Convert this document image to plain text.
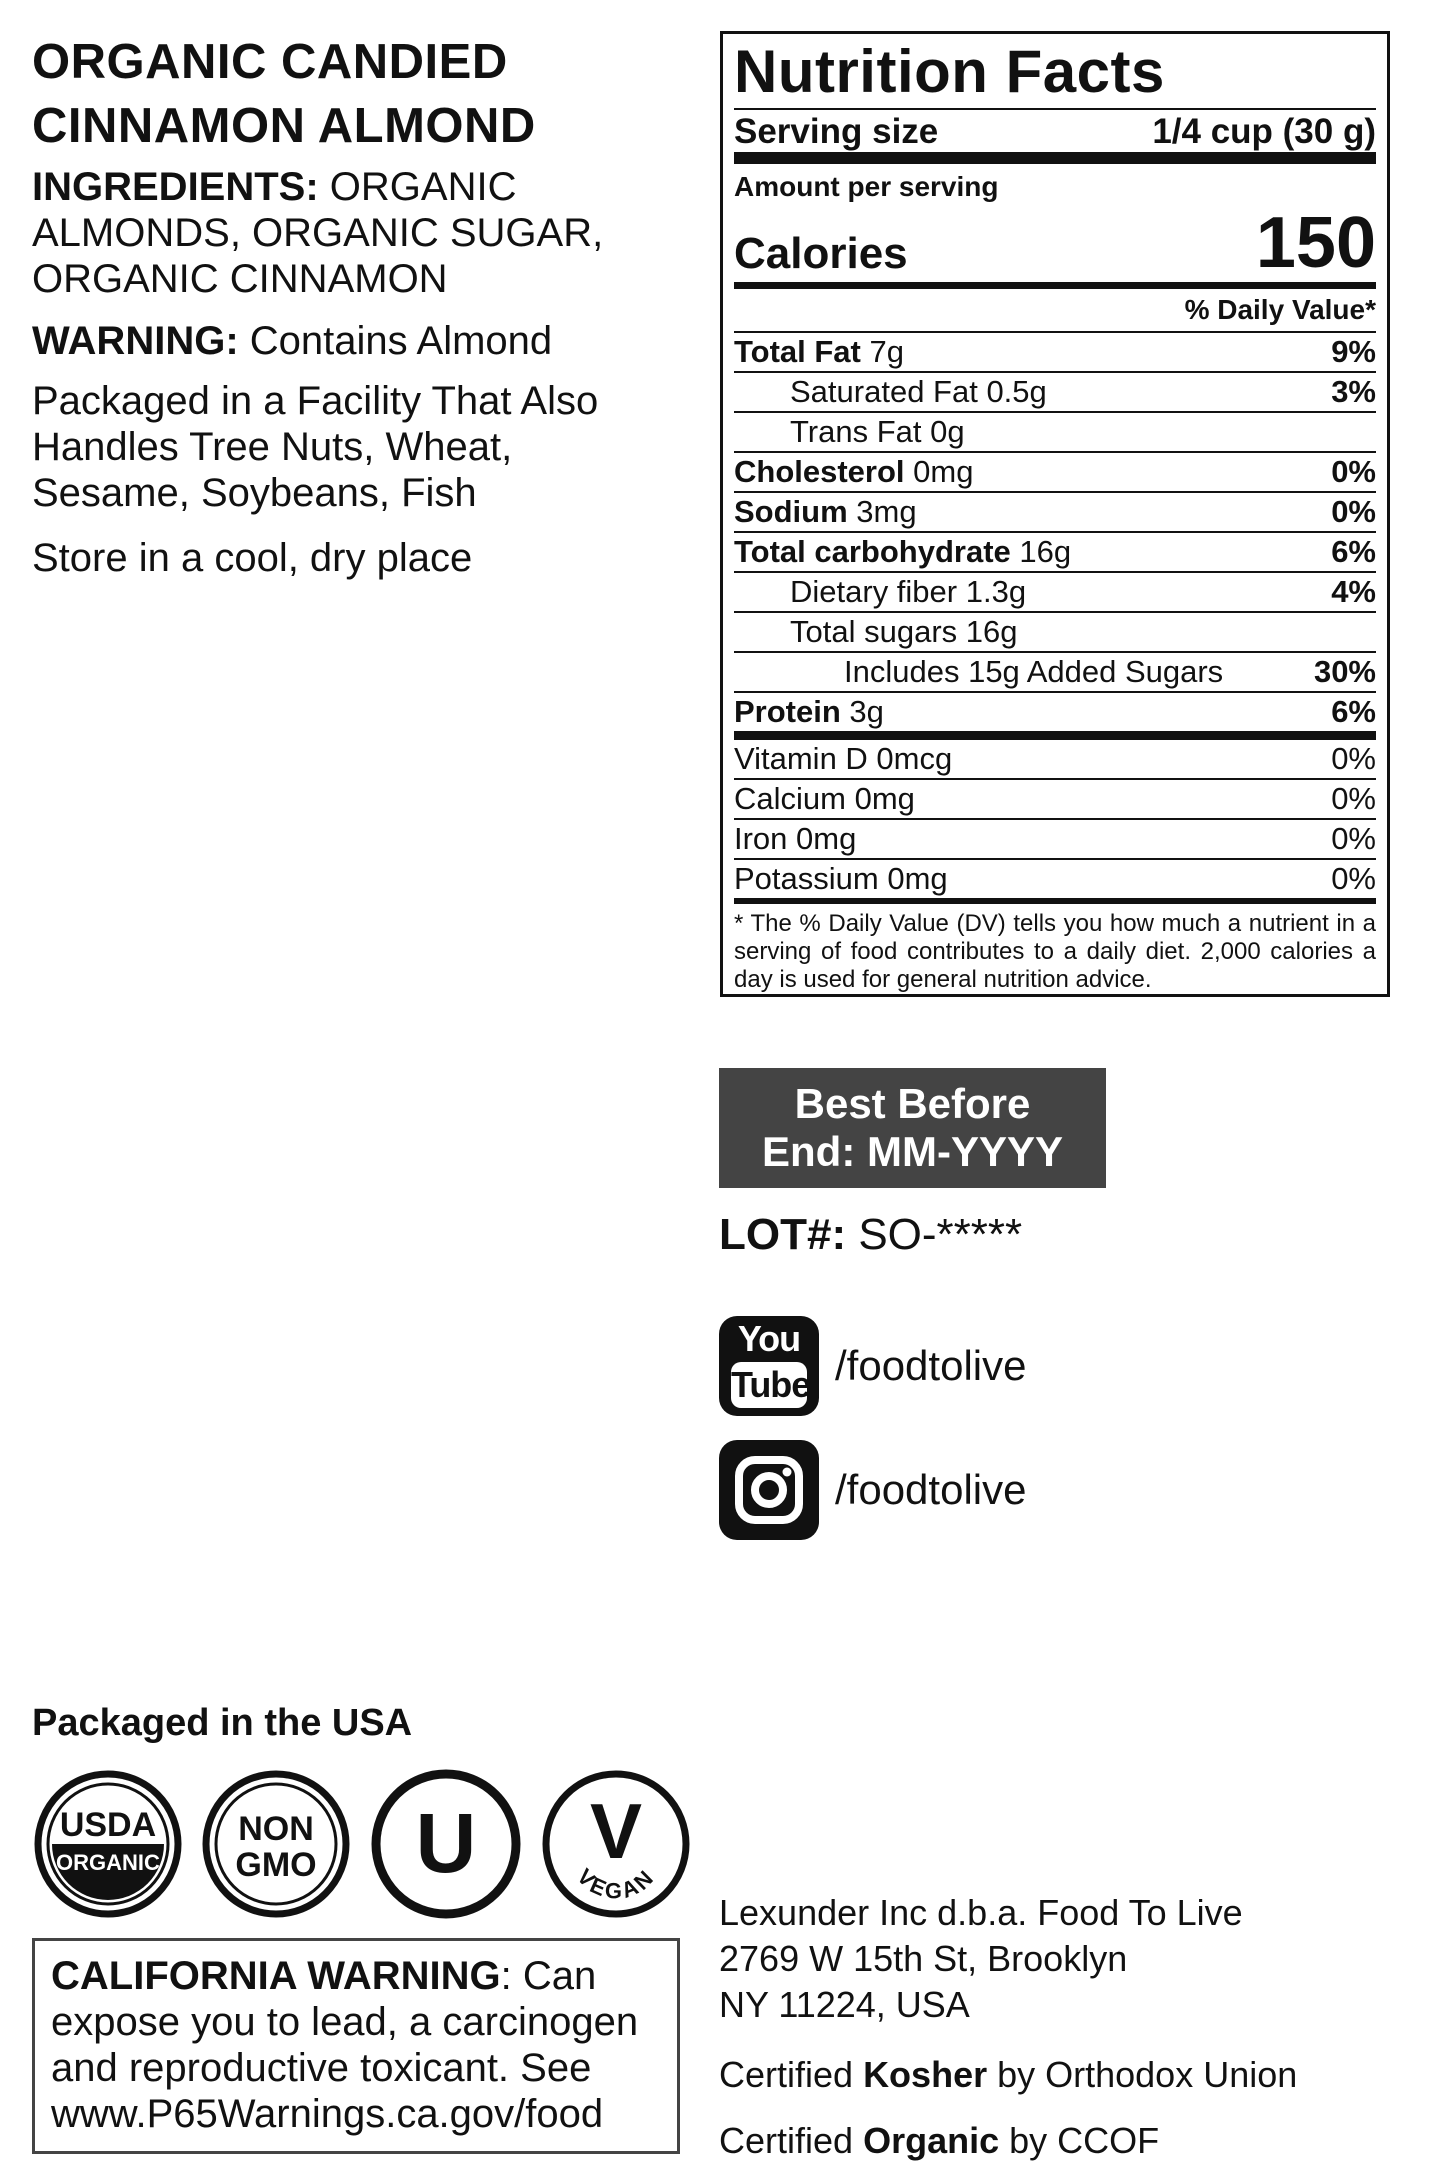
ORGANIC CANDIED
CINNAMON ALMOND
INGREDIENTS: ORGANIC ALMONDS, ORGANIC SUGAR, ORGANIC CINNAMON
WARNING: Contains Almond
Packaged in a Facility That Also Handles Tree Nuts, Wheat, Sesame, Soybeans, Fish
Store in a cool, dry place
Nutrition Facts
Serving size	1/4 cup (30 g)
Amount per serving
Calories	150
% Daily Value*
Total Fat 7g	9%
Saturated Fat 0.5g	3%
Trans Fat 0g
Cholesterol 0mg	0%
Sodium 3mg	0%
Total carbohydrate 16g	6%
Dietary fiber 1.3g	4%
Total sugars 16g
Includes 15g Added Sugars	30%
Protein 3g	6%
Vitamin D 0mcg	0%
Calcium 0mg	0%
Iron 0mg	0%
Potassium 0mg	0%
* The % Daily Value (DV) tells you how much a nutrient in a serving of food contributes to a daily diet. 2,000 calories a day is used for general nutrition advice.
Best Before
End: MM-YYYY
LOT#: SO-*****
You
Tube /foodtolive
/foodtolive
Packaged in the USA
USDA
ORGANIC
NON
GMO U V
VEGAN
CALIFORNIA WARNING: Can expose you to lead, a carcinogen and reproductive toxicant. See www.P65Warnings.ca.gov/food
Lexunder Inc d.b.a. Food To Live
2769 W 15th St, Brooklyn
NY 11224, USA
Certified Kosher by Orthodox Union
Certified Organic by CCOF
